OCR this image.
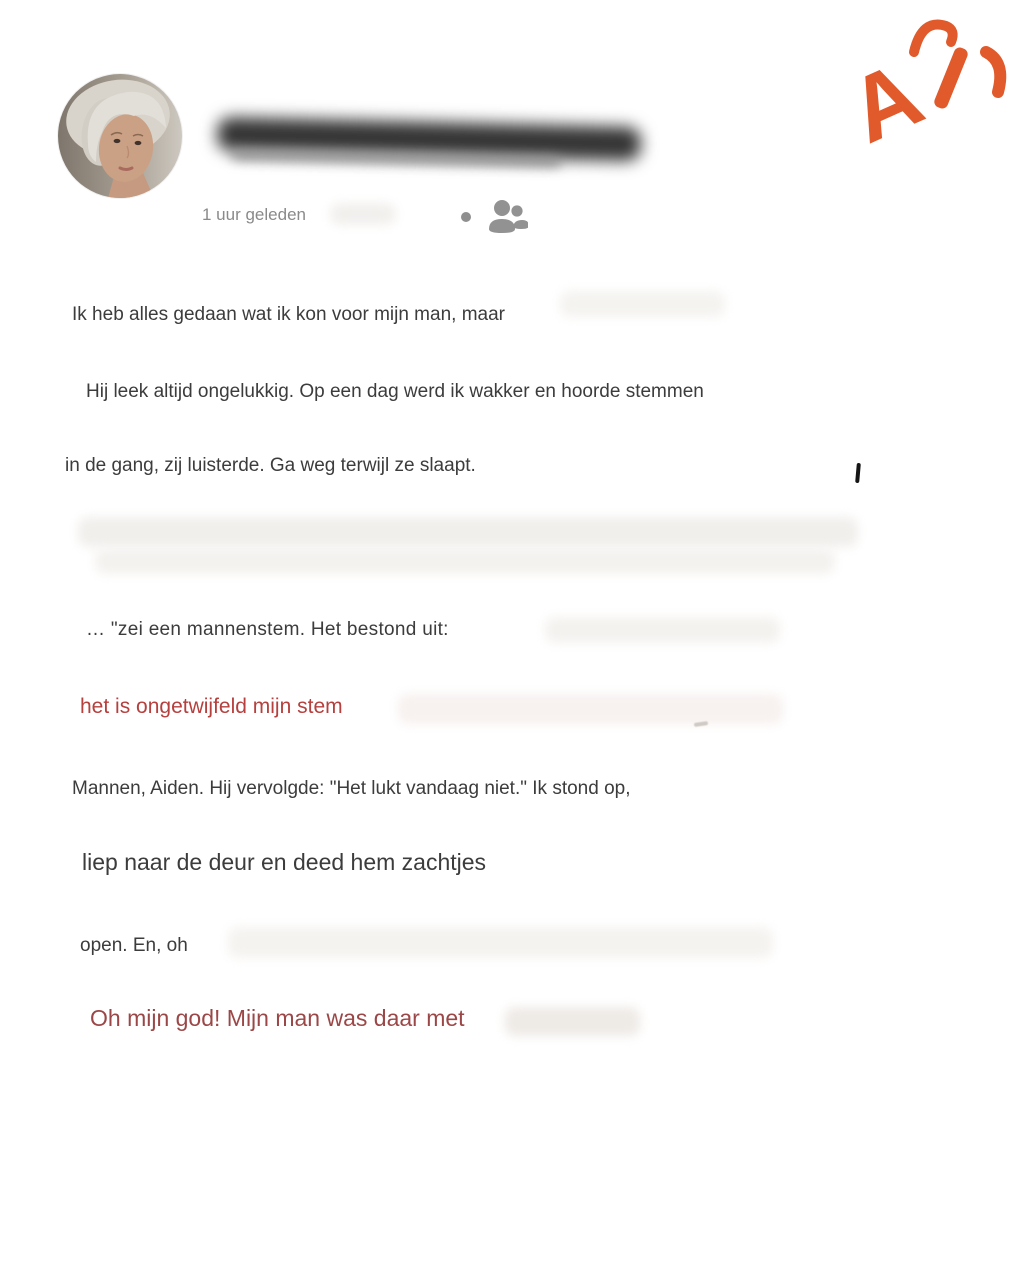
1 uur geleden
A
Ik heb alles gedaan wat ik kon voor mijn man, maar
Hij leek altijd ongelukkig. Op een dag werd ik wakker en hoorde stemmen
in de gang, zij luisterde. Ga weg terwijl ze slaapt.
… "zei een mannenstem. Het bestond uit:
het is ongetwijfeld mijn stem
Mannen, Aiden. Hij vervolgde: "Het lukt vandaag niet." Ik stond op,
liep naar de deur en deed hem zachtjes
open. En, oh
Oh mijn god! Mijn man was daar met
